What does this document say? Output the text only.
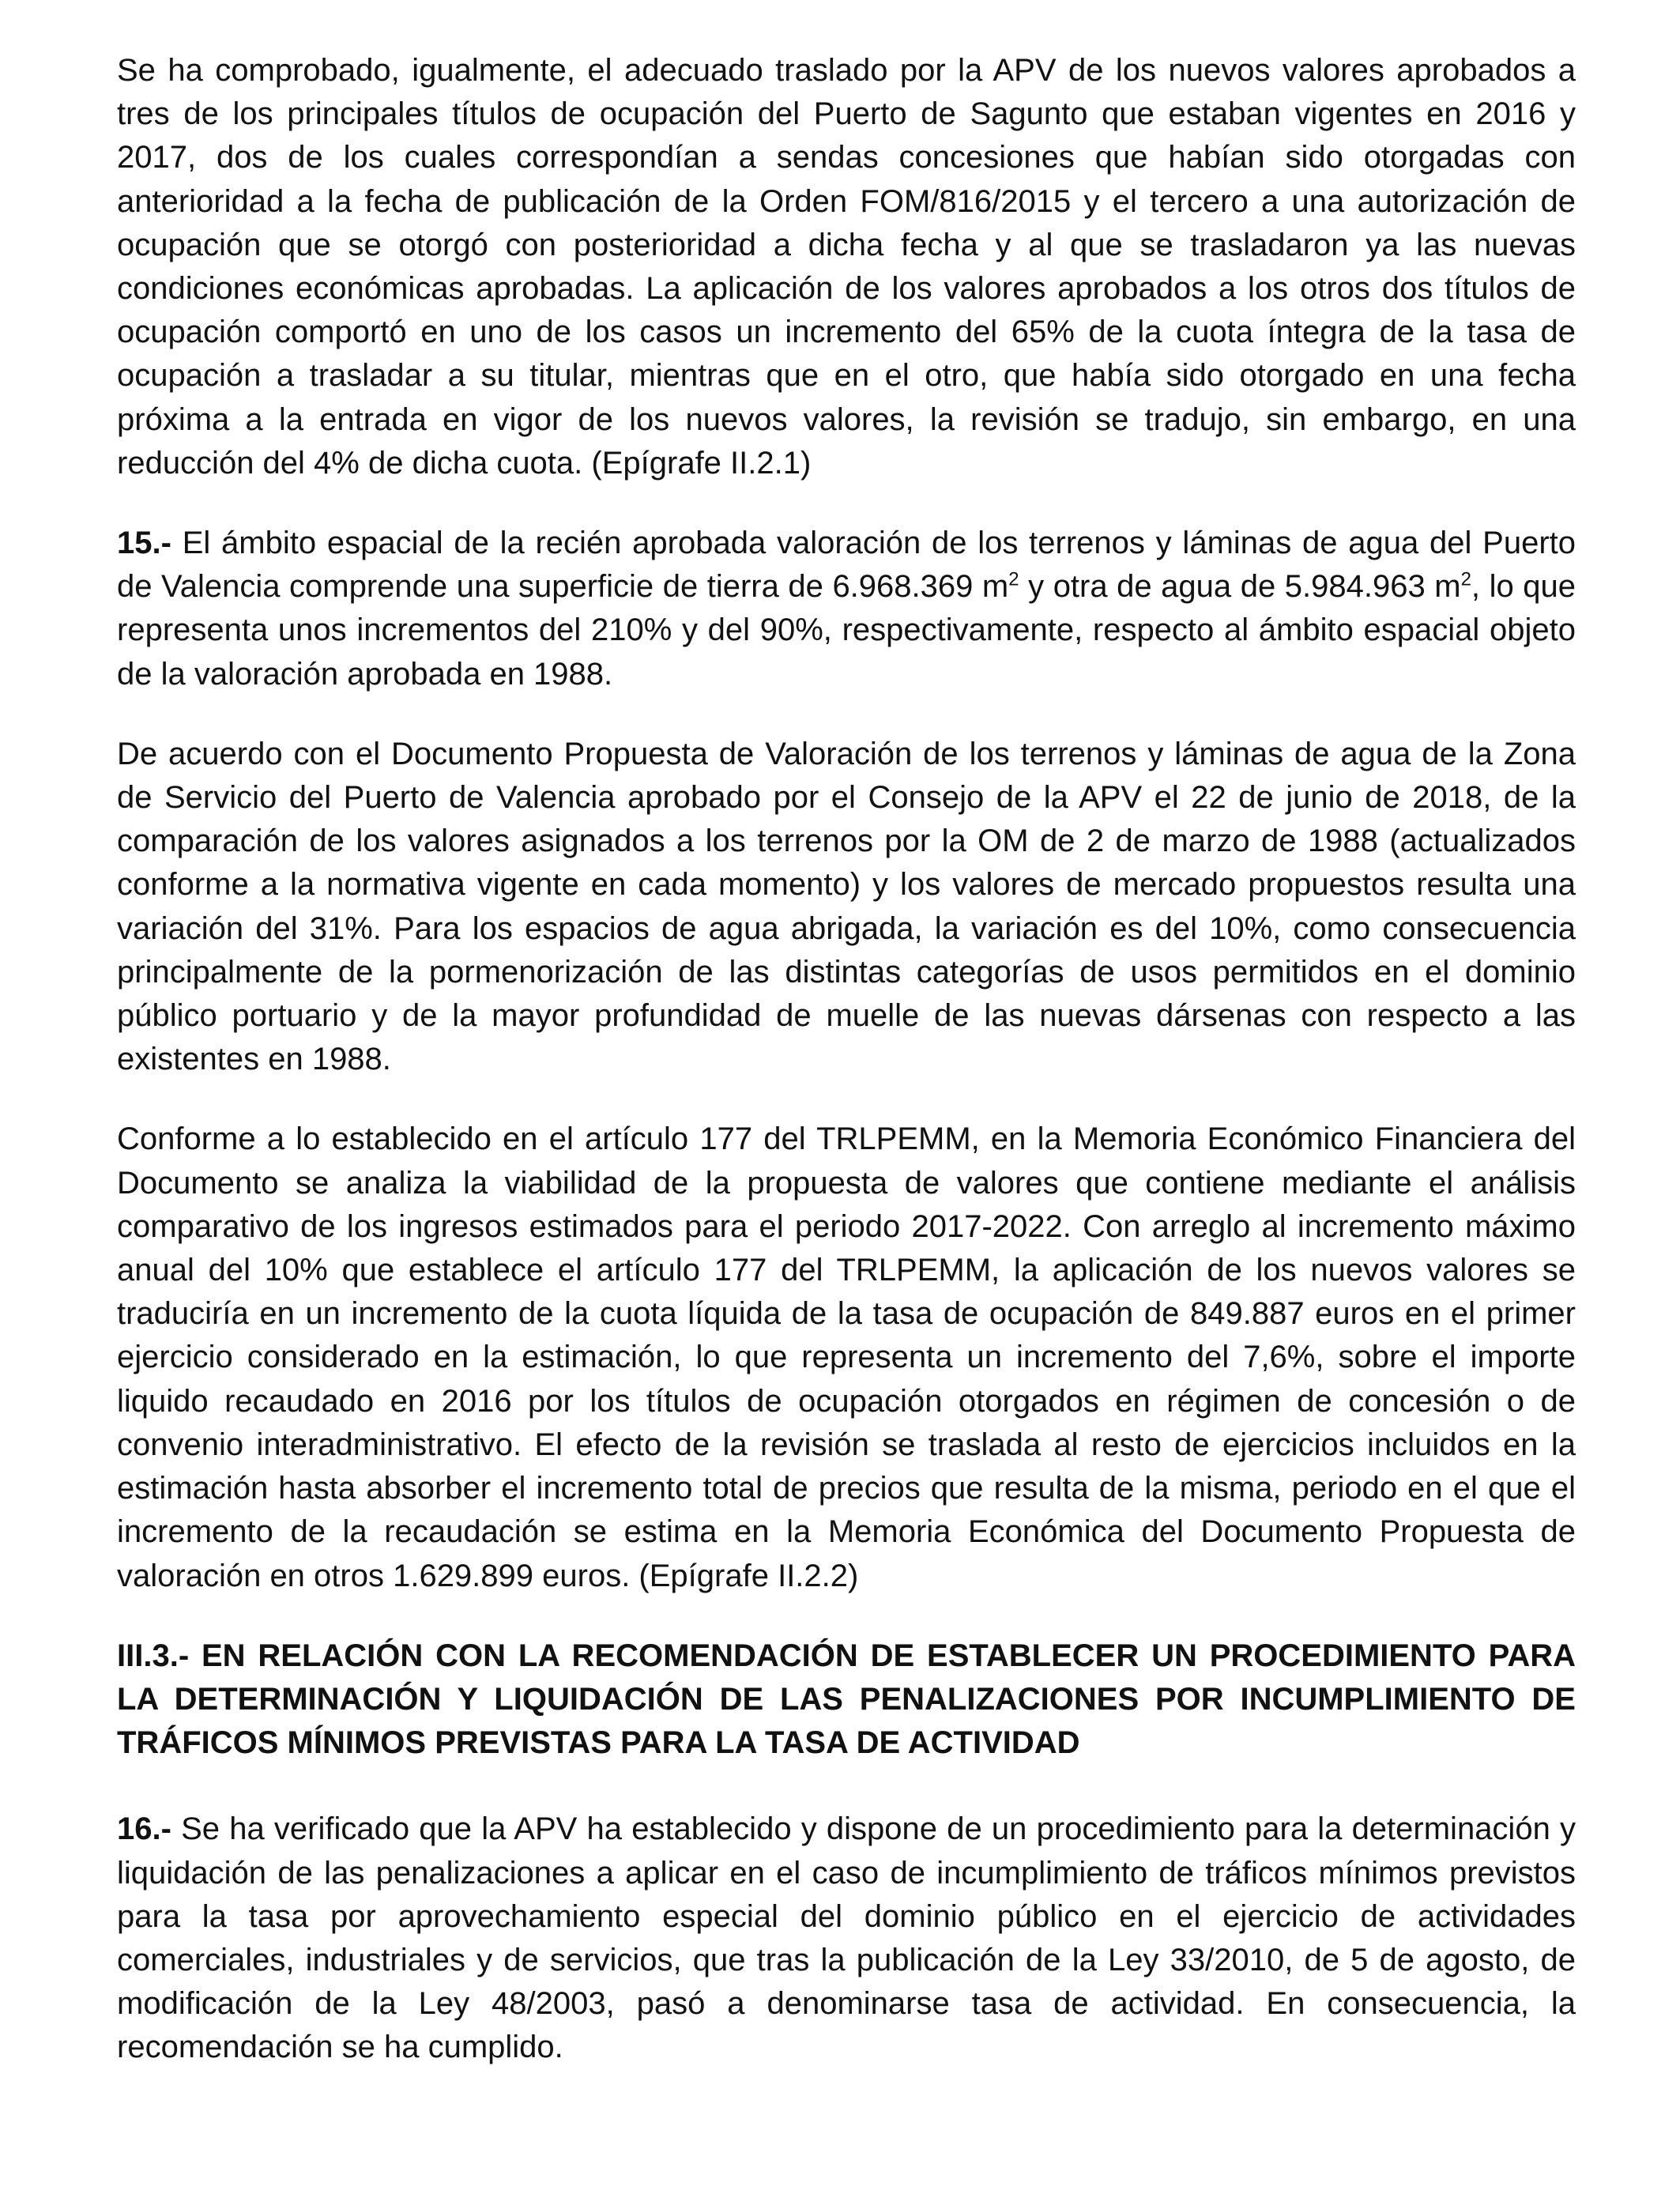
Se ha comprobado, igualmente, el adecuado traslado por la APV de los nuevos valores aprobados a tres de los principales títulos de ocupación del Puerto de Sagunto que estaban vigentes en 2016 y 2017, dos de los cuales correspondían a sendas concesiones que habían sido otorgadas con anterioridad a la fecha de publicación de la Orden FOM/816/2015 y el tercero a una autorización de ocupación que se otorgó con posterioridad a dicha fecha y al que se trasladaron ya las nuevas condiciones económicas aprobadas. La aplicación de los valores aprobados a los otros dos títulos de ocupación comportó en uno de los casos un incremento del 65% de la cuota íntegra de la tasa de ocupación a trasladar a su titular, mientras que en el otro, que había sido otorgado en una fecha próxima a la entrada en vigor de los nuevos valores, la revisión se tradujo, sin embargo, en una reducción del 4% de dicha cuota. (Epígrafe II.2.1)

15.- El ámbito espacial de la recién aprobada valoración de los terrenos y láminas de agua del Puerto de Valencia comprende una superficie de tierra de 6.968.369 $m^2$ y otra de agua de 5.984.963 $m^2$, lo que representa unos incrementos del 210% y del 90%, respectivamente, respecto al ámbito espacial objeto de la valoración aprobada en 1988.

De acuerdo con el Documento Propuesta de Valoración de los terrenos y láminas de agua de la Zona de Servicio del Puerto de Valencia aprobado por el Consejo de la APV el 22 de junio de 2018, de la comparación de los valores asignados a los terrenos por la OM de 2 de marzo de 1988 (actualizados conforme a la normativa vigente en cada momento) y los valores de mercado propuestos resulta una variación del 31%. Para los espacios de agua abrigada, la variación es del 10%, como consecuencia principalmente de la pormenorización de las distintas categorías de usos permitidos en el dominio público portuario y de la mayor profundidad de muelle de las nuevas dársenas con respecto a las existentes en 1988.

Conforme a lo establecido en el artículo 177 del TRLPEMM, en la Memoria Económico Financiera del Documento se analiza la viabilidad de la propuesta de valores que contiene mediante el análisis comparativo de los ingresos estimados para el periodo 2017-2022. Con arreglo al incremento máximo anual del 10% que establece el artículo 177 del TRLPEMM, la aplicación de los nuevos valores se traduciría en un incremento de la cuota líquida de la tasa de ocupación de 849.887 euros en el primer ejercicio considerado en la estimación, lo que representa un incremento del 7,6%, sobre el importe liquido recaudado en 2016 por los títulos de ocupación otorgados en régimen de concesión o de convenio interadministrativo. El efecto de la revisión se traslada al resto de ejercicios incluidos en la estimación hasta absorber el incremento total de precios que resulta de la misma, periodo en el que el incremento de la recaudación se estima en la Memoria Económica del Documento Propuesta de valoración en otros 1.629.899 euros. (Epígrafe II.2.2)

III.3.- EN RELACIÓN CON LA RECOMENDACIÓN DE ESTABLECER UN PROCEDIMIENTO PARA LA DETERMINACIÓN Y LIQUIDACIÓN DE LAS PENALIZACIONES POR INCUMPLIMIENTO DE TRÁFICOS MÍNIMOS PREVISTAS PARA LA TASA DE ACTIVIDAD

16.- Se ha verificado que la APV ha establecido y dispone de un procedimiento para la determinación y liquidación de las penalizaciones a aplicar en el caso de incumplimiento de tráficos mínimos previstos para la tasa por aprovechamiento especial del dominio público en el ejercicio de actividades comerciales, industriales y de servicios, que tras la publicación de la Ley 33/2010, de 5 de agosto, de modificación de la Ley 48/2003, pasó a denominarse tasa de actividad. En consecuencia, la recomendación se ha cumplido.
